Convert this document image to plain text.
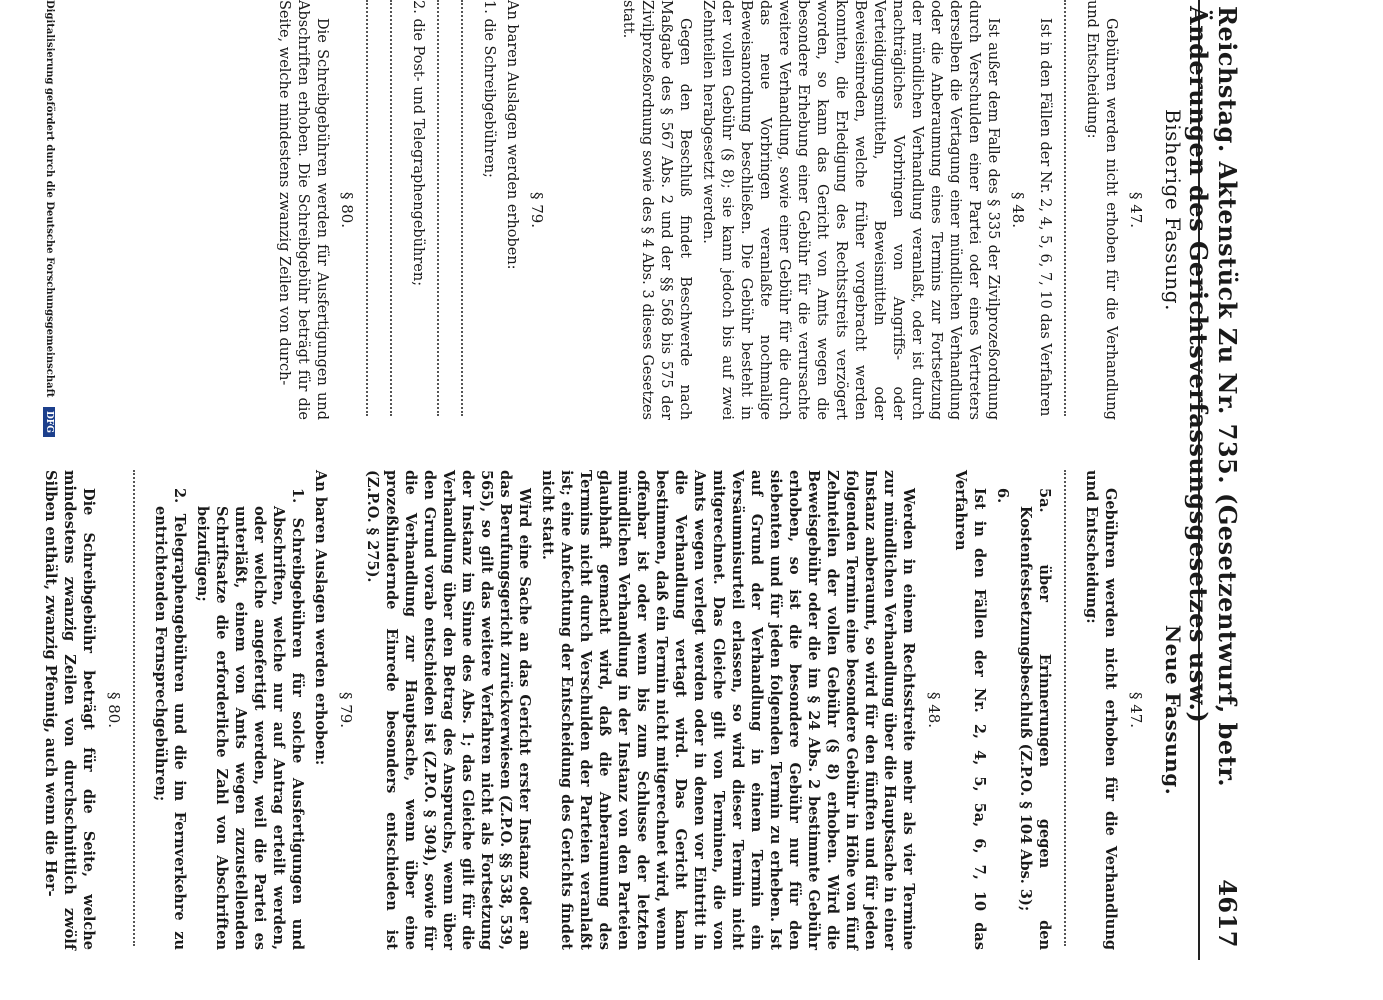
Reichstag. Aktenstück Zu Nr. 735. (Gesetzentwurf, betr. Änderungen des Gerichtsverfassungsgesetzes usw.)
4617
Bisherige Fassung.
§ 47.

Gebühren werden nicht erhoben für die Verhandlung und Entscheidung:

Ist in den Fällen der Nr. 2, 4, 5, 6, 7, 10 das Verfahren

§ 48.

Ist außer dem Falle des § 335 der Zivilprozeßordnung durch Verschulden einer Partei oder eines Vertreters derselben die Vertagung einer mündlichen Verhandlung oder die Anberaumung eines Termins zur Fortsetzung der mündlichen Verhandlung veranlaßt, oder ist durch nachträgliches Vorbringen von Angriffs- oder Verteidigungsmitteln, Beweismitteln oder Beweiseinreden, welche früher vorgebracht werden konnten, die Erledigung des Rechtsstreits verzögert worden, so kann das Gericht von Amts wegen die besondere Erhebung einer Gebühr für die verursachte weitere Verhandlung, sowie einer Gebühr für die durch das neue Vorbringen veranlaßte nochmalige Beweisanordnung beschließen. Die Gebühr besteht in der vollen Gebühr (§ 8); sie kann jedoch bis auf zwei Zehnteilen herabgesetzt werden.

Gegen den Beschluß findet Beschwerde nach Maßgabe des § 567 Abs. 2 und der §§ 568 bis 575 der Zivilprozeßordnung sowie des § 4 Abs. 3 dieses Gesetzes statt.

§ 79.

An baren Auslagen werden erhoben:

1. die Schreibgebühren;
2. die Post- und Telegraphengebühren;
§ 80.

Die Schreibgebühren werden für Ausfertigungen und Abschriften erhoben. Die Schreibgebühr beträgt für die Seite, welche mindestens zwanzig Zeilen von durch-

Neue Fassung.
§ 47.

Gebühren werden nicht erhoben für die Verhandlung und Entscheidung:

5a. über Erinnerungen gegen den Kostenfestsetzungsbeschluß (Z.P.O. § 104 Abs. 3);
6.

Ist in den Fällen der Nr. 2, 4, 5, 5a, 6, 7, 10 das Verfahren

§ 48.

Werden in einem Rechtsstreite mehr als vier Termine zur mündlichen Verhandlung über die Hauptsache in einer Instanz anberaumt, so wird für den fünften und für jeden folgenden Termin eine besondere Gebühr in Höhe von fünf Zehnteilen der vollen Gebühr (§ 8) erhoben. Wird die Beweisgebühr oder die im § 24 Abs. 2 bestimmte Gebühr erhoben, so ist die besondere Gebühr nur für den siebenten und für jeden folgenden Termin zu erheben. Ist auf Grund der Verhandlung in einem Termin ein Versäumnisurteil erlassen, so wird dieser Termin nicht mitgerechnet. Das Gleiche gilt von Terminen, die von Amts wegen verlegt werden oder in denen vor Eintritt in die Verhandlung vertagt wird. Das Gericht kann bestimmen, daß ein Termin nicht mitgerechnet wird, wenn offenbar ist oder wenn bis zum Schlusse der letzten mündlichen Verhandlung in der Instanz von den Parteien glaubhaft gemacht wird, daß die Anberaumung des Termins nicht durch Verschulden der Parteien veranlaßt ist; eine Anfechtung der Entscheidung des Gerichts findet nicht statt.

Wird eine Sache an das Gericht erster Instanz oder an das Berufungsgericht zurückverwiesen (Z.P.O. §§ 538, 539, 565), so gilt das weitere Verfahren nicht als Fortsetzung der Instanz im Sinne des Abs. 1; das Gleiche gilt für die Verhandlung über den Betrag des Anspruchs, wenn über den Grund vorab entschieden ist (Z.P.O. § 304), sowie für die Verhandlung zur Hauptsache, wenn über eine prozeßhindernde Einrede besonders entschieden ist (Z.P.O. § 275).

§ 79.

An baren Auslagen werden erhoben:

1. Schreibgebühren für solche Ausfertigungen und Abschriften, welche nur auf Antrag erteilt werden, oder welche angefertigt werden, weil die Partei es unterläßt, einem von Amts wegen zuzustellenden Schriftsatze die erforderliche Zahl von Abschriften beizufügen;
2. Telegraphengebühren und die im Fernverkehre zu entrichtenden Fernsprechgebühren;
§ 80.

Die Schreibgebühr beträgt für die Seite, welche mindestens zwanzig Zeilen von durchschnittlich zwölf Silben enthält, zwanzig Pfennig, auch wenn die Her-

Digitalisierung gefördert durch die Deutsche Forschungsgemeinschaft DFG
